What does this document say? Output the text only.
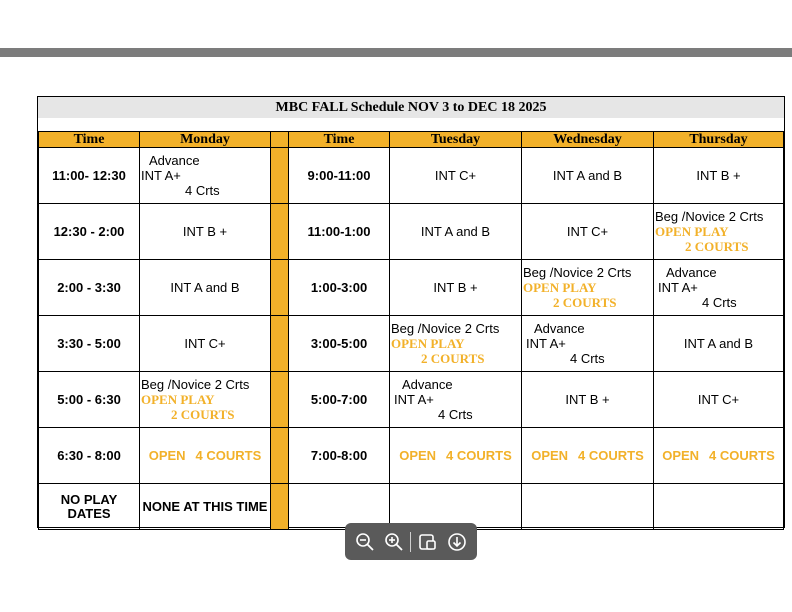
MBC FALL Schedule NOV 3 to DEC 18 2025
Time	Monday		Time	Tuesday	Wednesday	Thursday
11:00- 12:30	Advance
INT A+
4 Crts		9:00-11:00	INT C+	INT A and B	INT B +
12:30 - 2:00	INT B +		11:00-1:00	INT A and B	INT C+	Beg /Novice 2 Crts
OPEN PLAY
2 COURTS

2:00 - 3:30	INT A and B		1:00-3:00	INT B +	Beg /Novice 2 Crts
OPEN PLAY
2 COURTS	Advance
INT A+
4 Crts

3:30 - 5:00	INT C+		3:00-5:00	Beg /Novice 2 Crts
OPEN PLAY
2 COURTS	Advance
INT A+
4 Crts	INT A and B
5:00 - 6:30	Beg /Novice 2 Crts
OPEN PLAY
2 COURTS		5:00-7:00	Advance
INT A+
4 Crts	INT B +	INT C+
6:30 - 8:00	OPEN 4 COURTS		7:00-8:00	OPEN 4 COURTS	OPEN 4 COURTS	OPEN 4 COURTS
NO PLAY
DATES	NONE AT THIS TIME					
